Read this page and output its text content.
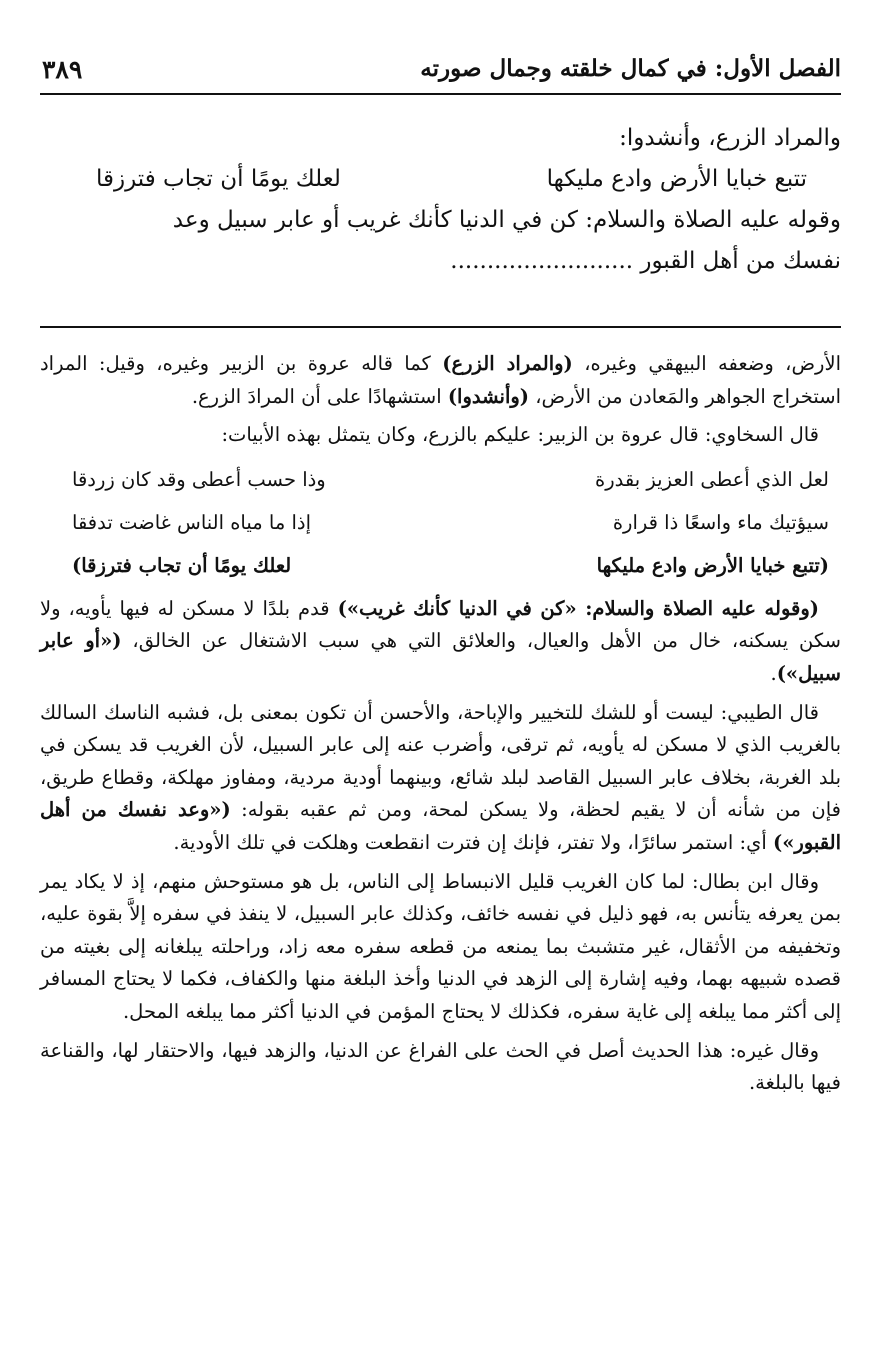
الفصل الأول: في كمال خلقته وجمال صورته
٣٨٩
والمراد الزرع، وأنشدوا:
تتبع خبايا الأرض وادع مليكها
لعلك يومًا أن تجاب فترزقا
وقوله عليه الصلاة والسلام: كن في الدنيا كأنك غريب أو عابر سبيل وعد
نفسك من أهل القبور .........................

الأرض، وضعفه البيهقي وغيره، (والمراد الزرع) كما قاله عروة بن الزبير وغيره، وقيل: المراد استخراج الجواهر والمَعادن من الأرض، (وأنشدوا) استشهادًا على أن المرادَ الزرع.

قال السخاوي: قال عروة بن الزبير: عليكم بالزرع، وكان يتمثل بهذه الأبيات:

لعل الذي أعطى العزيز بقدرة
وذا حسب أعطى وقد كان زردقا
سيؤتيك ماء واسعًا ذا قرارة
إذا ما مياه الناس غاضت تدفقا
(تتبع خبايا الأرض وادع مليكها
لعلك يومًا أن تجاب فترزقا)

(وقوله عليه الصلاة والسلام: «كن في الدنيا كأنك غريب») قدم بلدًا لا مسكن له فيها يأويه، ولا سكن يسكنه، خال من الأهل والعيال، والعلائق التي هي سبب الاشتغال عن الخالق، («أو عابر سبيل»).

قال الطيبي: ليست أو للشك للتخيير والإباحة، والأحسن أن تكون بمعنى بل، فشبه الناسك السالك بالغريب الذي لا مسكن له يأويه، ثم ترقى، وأضرب عنه إلى عابر السبيل، لأن الغريب قد يسكن في بلد الغربة، بخلاف عابر السبيل القاصد لبلد شائع، وبينهما أودية مردية، ومفاوز مهلكة، وقطاع طريق، فإن من شأنه أن لا يقيم لحظة، ولا يسكن لمحة، ومن ثم عقبه بقوله: («وعد نفسك من أهل القبور») أي: استمر سائرًا، ولا تفتر، فإنك إن فترت انقطعت وهلكت في تلك الأودية.

وقال ابن بطال: لما كان الغريب قليل الانبساط إلى الناس، بل هو مستوحش منهم، إذ لا يكاد يمر بمن يعرفه يتأنس به، فهو ذليل في نفسه خائف، وكذلك عابر السبيل، لا ينفذ في سفره إلاَّ بقوة عليه، وتخفيفه من الأثقال، غير متشبث بما يمنعه من قطعه سفره معه زاد، وراحلته يبلغانه إلى بغيته من قصده شبيهه بهما، وفيه إشارة إلى الزهد في الدنيا وأخذ البلغة منها والكفاف، فكما لا يحتاج المسافر إلى أكثر مما يبلغه إلى غاية سفره، فكذلك لا يحتاج المؤمن في الدنيا أكثر مما يبلغه المحل.

وقال غيره: هذا الحديث أصل في الحث على الفراغ عن الدنيا، والزهد فيها، والاحتقار لها، والقناعة فيها بالبلغة.
